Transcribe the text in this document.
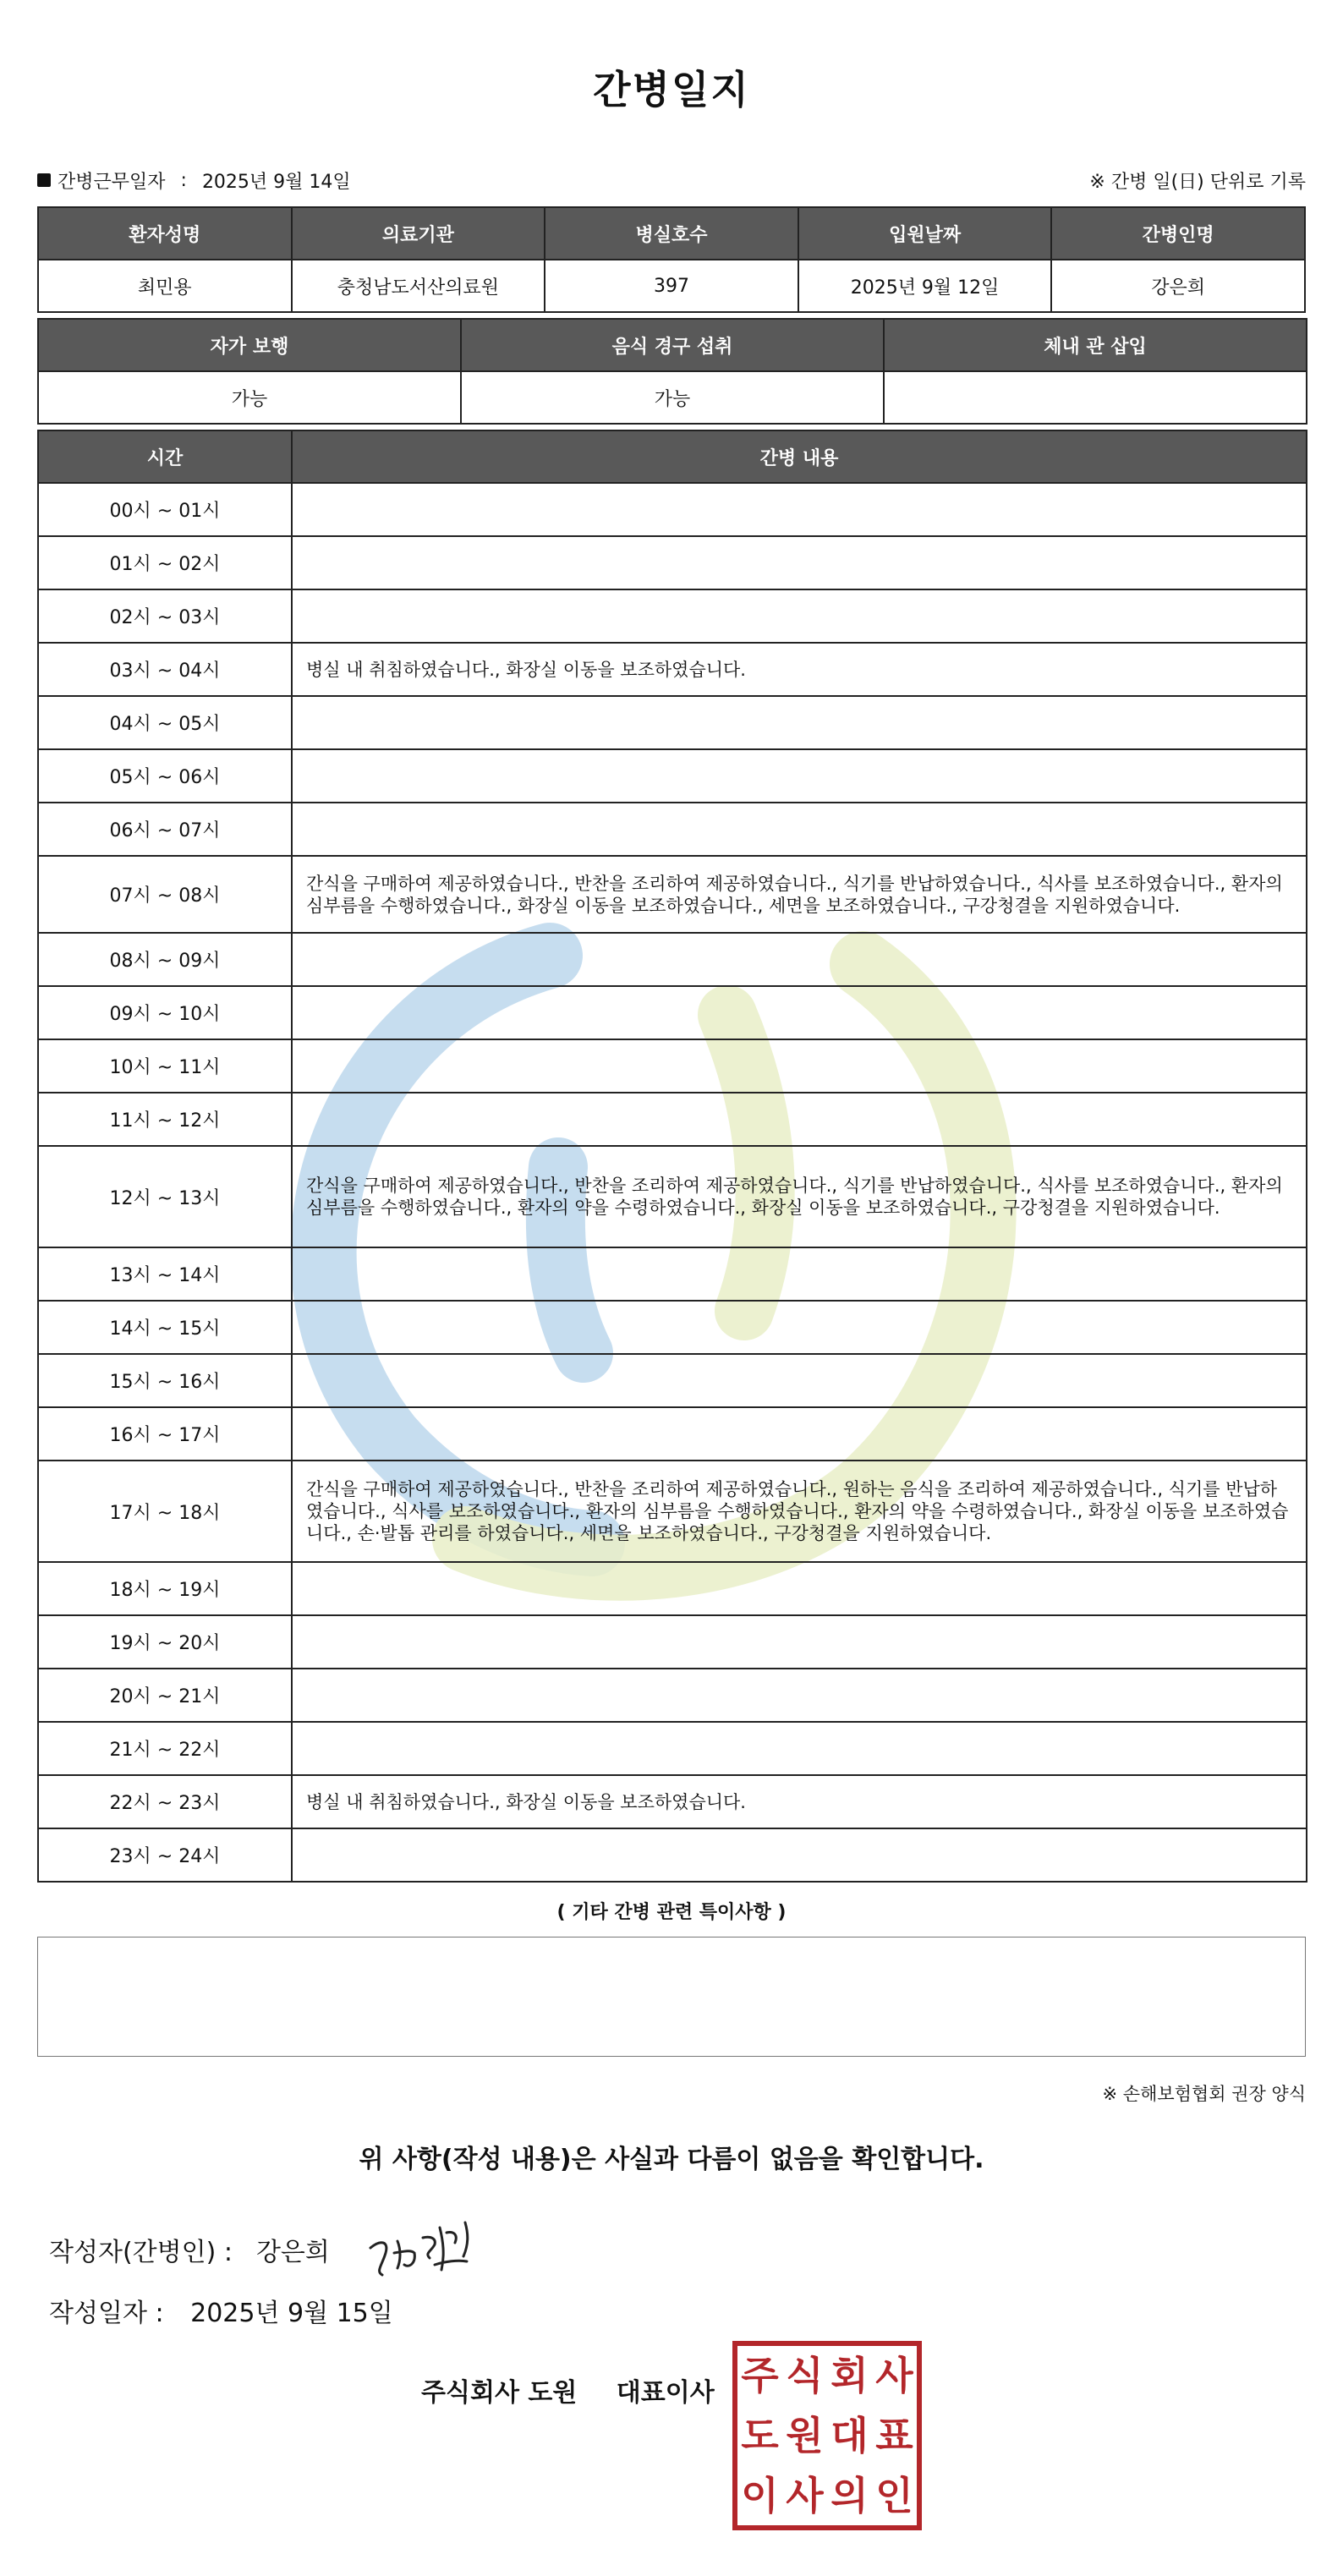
간병일지
간병근무일자 : 2025년 9월 14일	※ 간병 일(日) 단위로 기록
환자성명	의료기관	병실호수	입원날짜	간병인명
최민용	충청남도서산의료원	397	2025년 9월 12일	강은희
자가 보행	음식 경구 섭취	체내 관 삽입
가능	가능	
시간	간병 내용
00시 ~ 01시	
01시 ~ 02시	
02시 ~ 03시	
03시 ~ 04시	병실 내 취침하였습니다., 화장실 이동을 보조하였습니다.
04시 ~ 05시	
05시 ~ 06시	
06시 ~ 07시	
07시 ~ 08시	간식을 구매하여 제공하였습니다., 반찬을 조리하여 제공하였습니다., 식기를 반납하였습니다., 식사를 보조하였습니다., 환자의 심부름을 수행하였습니다., 화장실 이동을 보조하였습니다., 세면을 보조하였습니다., 구강청결을 지원하였습니다.
08시 ~ 09시	
09시 ~ 10시	
10시 ~ 11시	
11시 ~ 12시	
12시 ~ 13시	간식을 구매하여 제공하였습니다., 반찬을 조리하여 제공하였습니다., 식기를 반납하였습니다., 식사를 보조하였습니다., 환자의 심부름을 수행하였습니다., 환자의 약을 수령하였습니다., 화장실 이동을 보조하였습니다., 구강청결을 지원하였습니다.
13시 ~ 14시	
14시 ~ 15시	
15시 ~ 16시	
16시 ~ 17시	
17시 ~ 18시	간식을 구매하여 제공하였습니다., 반찬을 조리하여 제공하였습니다., 원하는 음식을 조리하여 제공하였습니다., 식기를 반납하였습니다., 식사를 보조하였습니다., 환자의 심부름을 수행하였습니다., 환자의 약을 수령하였습니다., 화장실 이동을 보조하였습니다., 손·발톱 관리를 하였습니다., 세면을 보조하였습니다., 구강청결을 지원하였습니다.
18시 ~ 19시	
19시 ~ 20시	
20시 ~ 21시	
21시 ~ 22시	
22시 ~ 23시	병실 내 취침하였습니다., 화장실 이동을 보조하였습니다.
23시 ~ 24시	
( 기타 간병 관련 특이사항 )
※ 손해보험협회 권장 양식
위 사항(작성 내용)은 사실과 다름이 없음을 확인합니다.
작성자(간병인) : 강은희
작성일자 : 2025년 9월 15일
주식회사 도원 대표이사 주 식 회 사
도 원 대 표
이 사 의 인
